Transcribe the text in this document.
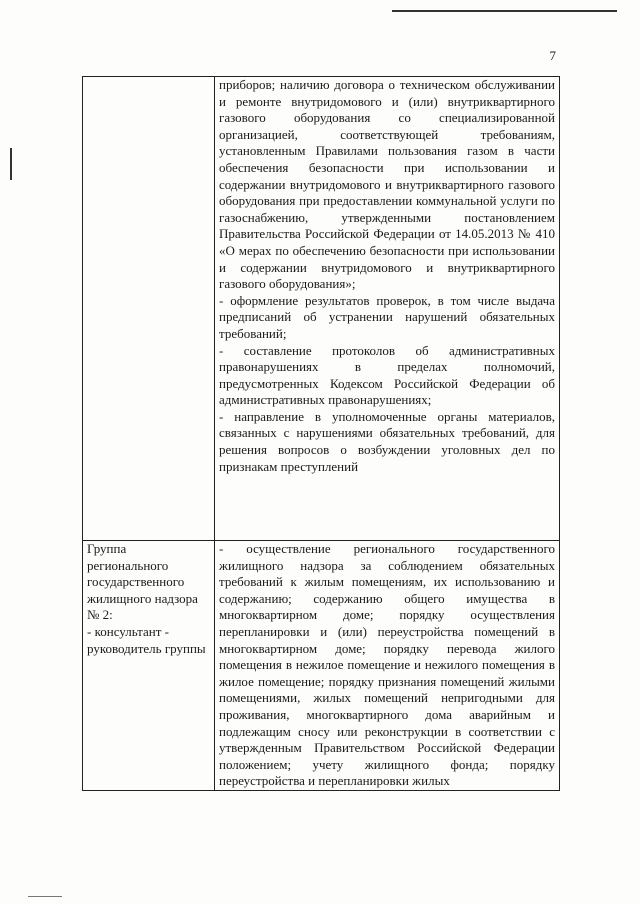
7

	приборов; наличию договора о техническом обслуживании и ремонте внутридомового и (или) внутриквартирного газового оборудования со специализированной организацией, соответствующей требованиям, установленным Правилами пользования газом в части обеспечения безопасности при использовании и содержании внутридомового и внутриквартирного газового оборудования при предоставлении коммунальной услуги по газоснабжению, утвержденными постановлением Правительства Российской Федерации от 14.05.2013 № 410 «О мерах по обеспечению безопасности при использовании и содержании внутридомового и внутриквартирного газового оборудования»;

- оформление результатов проверок, в том числе выдача предписаний об устранении нарушений обязательных требований;

- составление протоколов об административных правонарушениях в пределах полномочий, предусмотренных Кодексом Российской Федерации об административных правонарушениях;

- направление в уполномоченные органы материалов, связанных с нарушениями обязательных требований, для решения вопросов о возбуждении уголовных дел по признакам преступлений

Группа регионального государственного жилищного надзора № 2:

- консультант - руководитель группы	- осуществление регионального государственного жилищного надзора за соблюдением обязательных требований к жилым помещениям, их использованию и содержанию; содержанию общего имущества в многоквартирном доме; порядку осуществления перепланировки и (или) переустройства помещений в многоквартирном доме; порядку перевода жилого помещения в нежилое помещение и нежилого помещения в жилое помещение; порядку признания помещений жилыми помещениями, жилых помещений непригодными для проживания, многоквартирного дома аварийным и подлежащим сносу или реконструкции в соответствии с утвержденным Правительством Российской Федерации положением; учету жилищного фонда; порядку переустройства и перепланировки жилых
